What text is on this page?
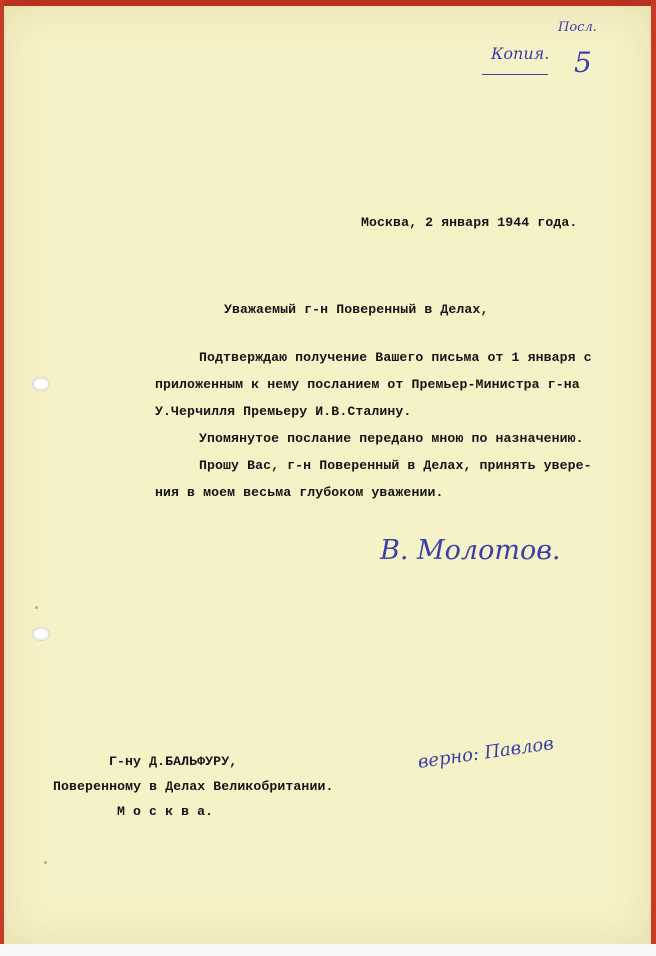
Копия.
Посл.
5
Москва, 2 января 1944 года.
Уважаемый г-н Поверенный в Делах,
Подтверждаю получение Вашего письма от 1 января с
приложенным к нему посланием от Премьер-Министра г-на
У.Черчилля Премьеру И.В.Сталину.
Упомянутое послание передано мною по назначению.
Прошу Вас, г-н Поверенный в Делах, принять увере-
ния в моем весьма глубоком уважении.
В. Молотов.
Г-ну Д.БАЛЬФУРУ,
Поверенному в Делах Великобритании.
М о с к в а.
верно: Павлов
